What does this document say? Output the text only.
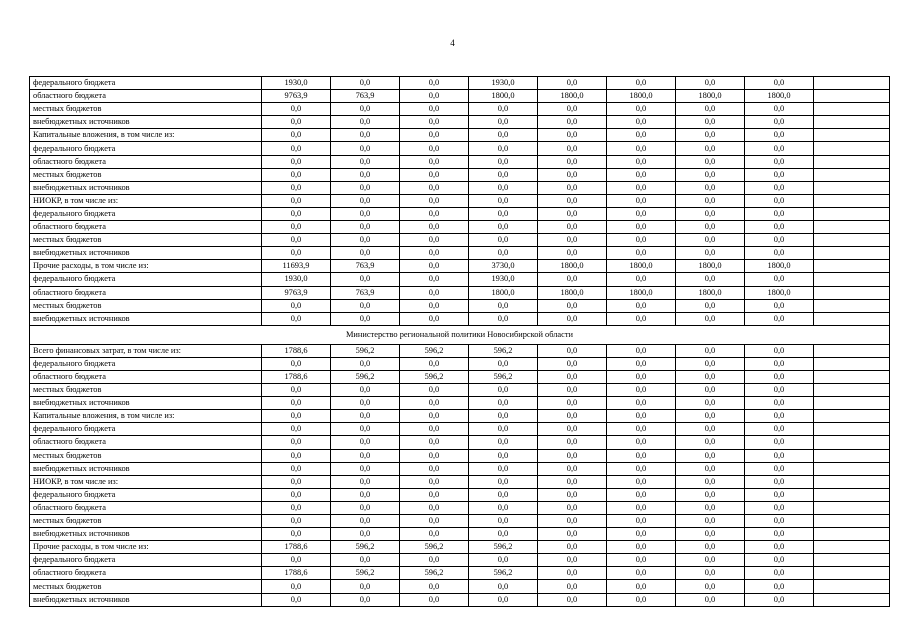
4
федерального бюджета	1930,0	0,0	0,0	1930,0	0,0	0,0	0,0	0,0	
областного бюджета	9763,9	763,9	0,0	1800,0	1800,0	1800,0	1800,0	1800,0	
местных бюджетов	0,0	0,0	0,0	0,0	0,0	0,0	0,0	0,0	
внебюджетных источников	0,0	0,0	0,0	0,0	0,0	0,0	0,0	0,0	
Капитальные вложения, в том числе из:	0,0	0,0	0,0	0,0	0,0	0,0	0,0	0,0	
федерального бюджета	0,0	0,0	0,0	0,0	0,0	0,0	0,0	0,0	
областного бюджета	0,0	0,0	0,0	0,0	0,0	0,0	0,0	0,0	
местных бюджетов	0,0	0,0	0,0	0,0	0,0	0,0	0,0	0,0	
внебюджетных источников	0,0	0,0	0,0	0,0	0,0	0,0	0,0	0,0	
НИОКР, в том числе из:	0,0	0,0	0,0	0,0	0,0	0,0	0,0	0,0	
федерального бюджета	0,0	0,0	0,0	0,0	0,0	0,0	0,0	0,0	
областного бюджета	0,0	0,0	0,0	0,0	0,0	0,0	0,0	0,0	
местных бюджетов	0,0	0,0	0,0	0,0	0,0	0,0	0,0	0,0	
внебюджетных источников	0,0	0,0	0,0	0,0	0,0	0,0	0,0	0,0	
Прочие расходы, в том числе из:	11693,9	763,9	0,0	3730,0	1800,0	1800,0	1800,0	1800,0	
федерального бюджета	1930,0	0,0	0,0	1930,0	0,0	0,0	0,0	0,0	
областного бюджета	9763,9	763,9	0,0	1800,0	1800,0	1800,0	1800,0	1800,0	
местных бюджетов	0,0	0,0	0,0	0,0	0,0	0,0	0,0	0,0	
внебюджетных источников	0,0	0,0	0,0	0,0	0,0	0,0	0,0	0,0	
Министерство региональной политики Новосибирской области									
Всего финансовых затрат, в том числе из:	1788,6	596,2	596,2	596,2	0,0	0,0	0,0	0,0	
федерального бюджета	0,0	0,0	0,0	0,0	0,0	0,0	0,0	0,0	
областного бюджета	1788,6	596,2	596,2	596,2	0,0	0,0	0,0	0,0	
местных бюджетов	0,0	0,0	0,0	0,0	0,0	0,0	0,0	0,0	
внебюджетных источников	0,0	0,0	0,0	0,0	0,0	0,0	0,0	0,0	
Капитальные вложения, в том числе из:	0,0	0,0	0,0	0,0	0,0	0,0	0,0	0,0	
федерального бюджета	0,0	0,0	0,0	0,0	0,0	0,0	0,0	0,0	
областного бюджета	0,0	0,0	0,0	0,0	0,0	0,0	0,0	0,0	
местных бюджетов	0,0	0,0	0,0	0,0	0,0	0,0	0,0	0,0	
внебюджетных источников	0,0	0,0	0,0	0,0	0,0	0,0	0,0	0,0	
НИОКР, в том числе из:	0,0	0,0	0,0	0,0	0,0	0,0	0,0	0,0	
федерального бюджета	0,0	0,0	0,0	0,0	0,0	0,0	0,0	0,0	
областного бюджета	0,0	0,0	0,0	0,0	0,0	0,0	0,0	0,0	
местных бюджетов	0,0	0,0	0,0	0,0	0,0	0,0	0,0	0,0	
внебюджетных источников	0,0	0,0	0,0	0,0	0,0	0,0	0,0	0,0	
Прочие расходы, в том числе из:	1788,6	596,2	596,2	596,2	0,0	0,0	0,0	0,0	
федерального бюджета	0,0	0,0	0,0	0,0	0,0	0,0	0,0	0,0	
областного бюджета	1788,6	596,2	596,2	596,2	0,0	0,0	0,0	0,0	
местных бюджетов	0,0	0,0	0,0	0,0	0,0	0,0	0,0	0,0	
внебюджетных источников	0,0	0,0	0,0	0,0	0,0	0,0	0,0	0,0	
